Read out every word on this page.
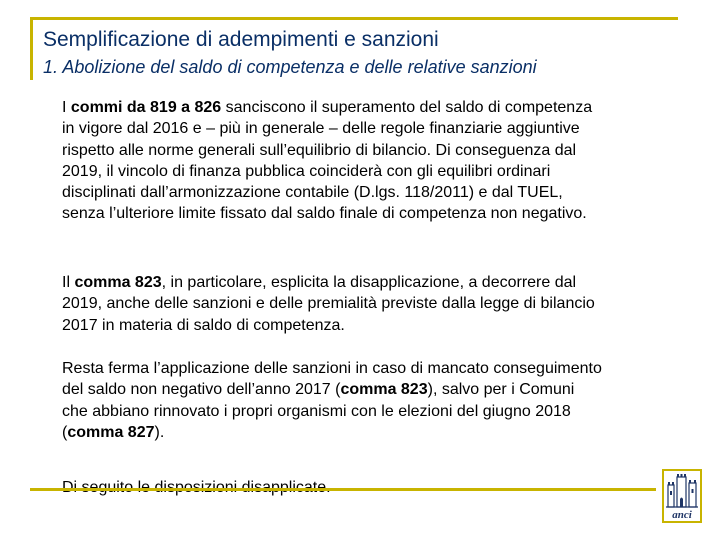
Semplificazione di adempimenti e sanzioni
1. Abolizione del saldo di competenza e delle relative sanzioni

I commi da 819 a 826 sanciscono il superamento del saldo di competenza in vigore dal 2016 e – più in generale – delle regole finanziarie aggiuntive rispetto alle norme generali sull’equilibrio di bilancio. Di conseguenza dal 2019, il vincolo di finanza pubblica coinciderà con gli equilibri ordinari disciplinati dall’armonizzazione contabile (D.lgs. 118/2011) e dal TUEL, senza l’ulteriore limite fissato dal saldo finale di competenza non negativo.

Il comma 823, in particolare, esplicita la disapplicazione, a decorrere dal 2019, anche delle sanzioni e delle premialità previste dalla legge di bilancio 2017 in materia di saldo di competenza.

Resta ferma l’applicazione delle sanzioni in caso di mancato conseguimento del saldo non negativo dell’anno 2017 (comma 823), salvo per i Comuni che abbiano rinnovato i propri organismi con le elezioni del giugno 2018 (comma 827).

anci
